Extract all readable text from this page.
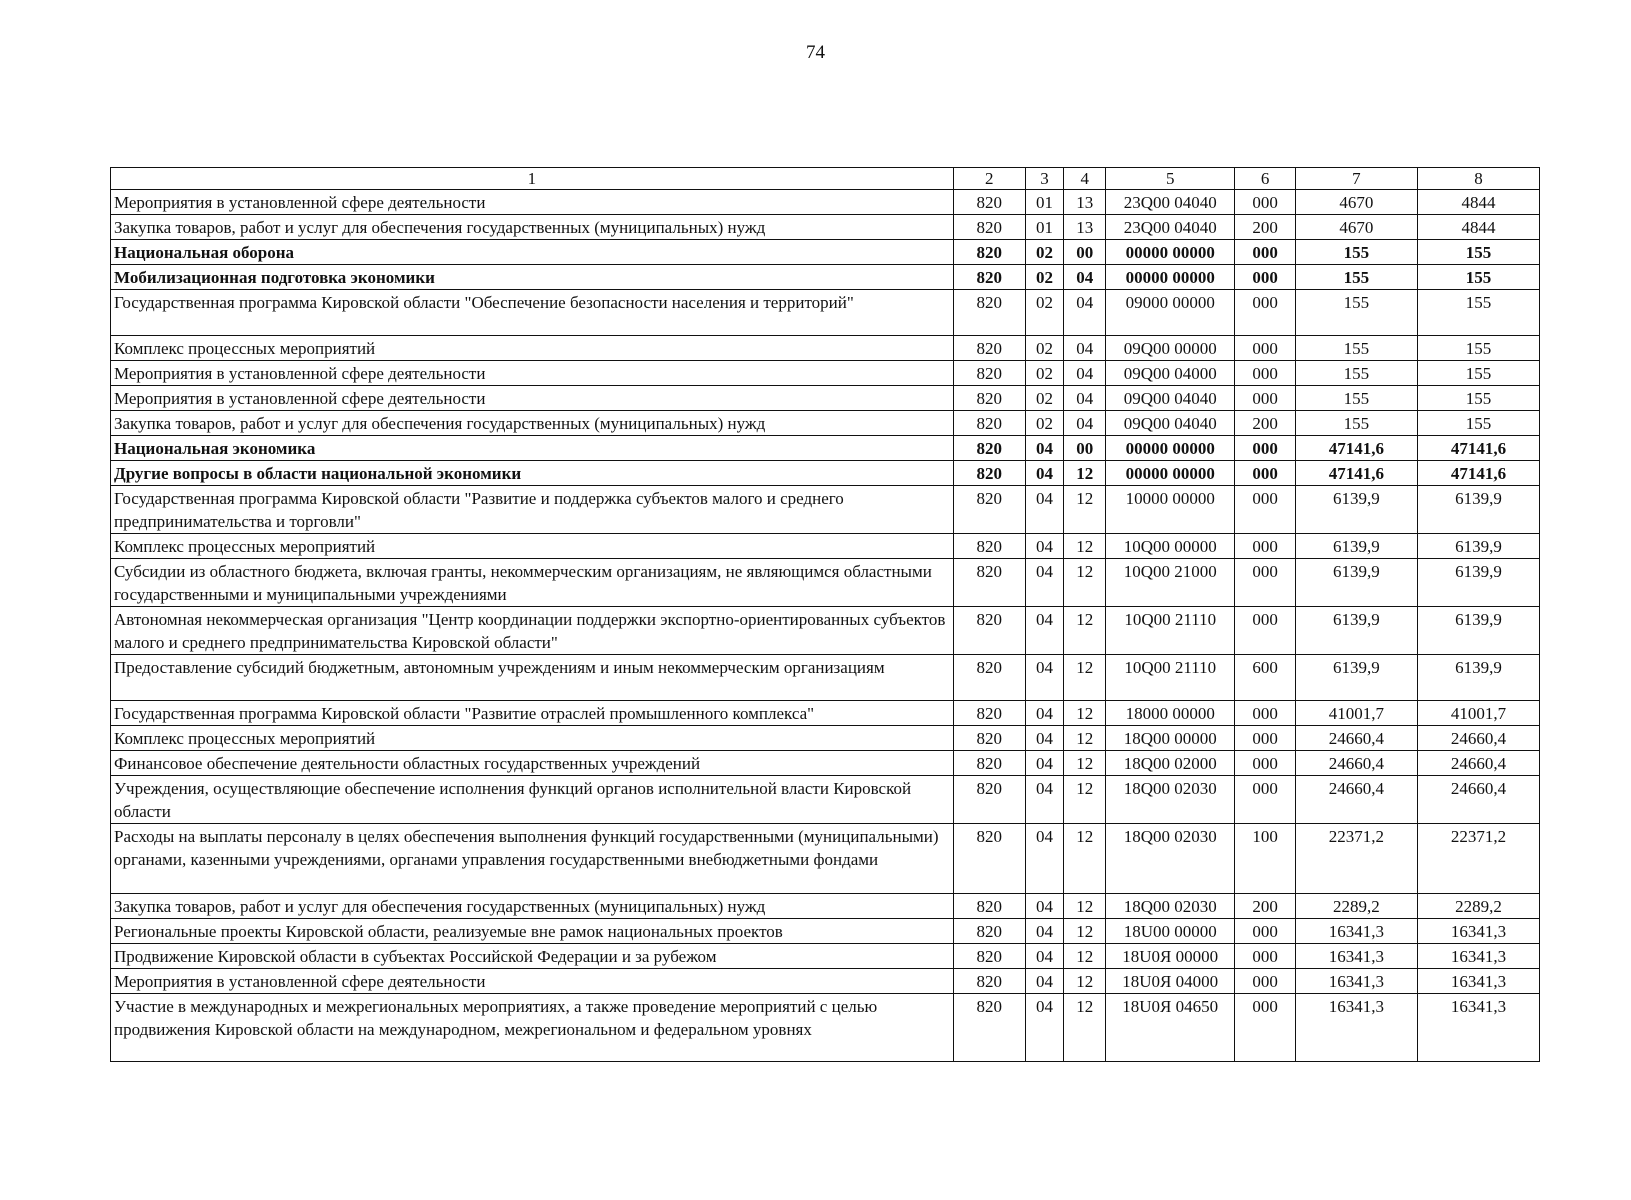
74
1	2	3	4	5	6	7	8
Мероприятия в установленной сфере деятельности	820	01	13	23Q00 04040	000	4670	4844
Закупка товаров, работ и услуг для обеспечения государственных (муниципальных) нужд	820	01	13	23Q00 04040	200	4670	4844
Национальная оборона	820	02	00	00000 00000	000	155	155
Мобилизационная подготовка экономики	820	02	04	00000 00000	000	155	155
Государственная программа Кировской области "Обеспечение безопасности населения и территорий"	820	02	04	09000 00000	000	155	155
Комплекс процессных мероприятий	820	02	04	09Q00 00000	000	155	155
Мероприятия в установленной сфере деятельности	820	02	04	09Q00 04000	000	155	155
Мероприятия в установленной сфере деятельности	820	02	04	09Q00 04040	000	155	155
Закупка товаров, работ и услуг для обеспечения государственных (муниципальных) нужд	820	02	04	09Q00 04040	200	155	155
Национальная экономика	820	04	00	00000 00000	000	47141,6	47141,6
Другие вопросы в области национальной экономики	820	04	12	00000 00000	000	47141,6	47141,6
Государственная программа Кировской области "Развитие и поддержка субъектов малого и среднего предпринимательства и торговли"	820	04	12	10000 00000	000	6139,9	6139,9
Комплекс процессных мероприятий	820	04	12	10Q00 00000	000	6139,9	6139,9
Субсидии из областного бюджета, включая гранты, некоммерческим организациям, не являющимся областными государственными и муниципальными учреждениями	820	04	12	10Q00 21000	000	6139,9	6139,9
Автономная некоммерческая организация "Центр координации поддержки экспортно-ориентированных субъектов малого и среднего предпринимательства Кировской области"	820	04	12	10Q00 21110	000	6139,9	6139,9
Предоставление субсидий бюджетным, автономным учреждениям и иным некоммерческим организациям	820	04	12	10Q00 21110	600	6139,9	6139,9
Государственная программа Кировской области "Развитие отраслей промышленного комплекса"	820	04	12	18000 00000	000	41001,7	41001,7
Комплекс процессных мероприятий	820	04	12	18Q00 00000	000	24660,4	24660,4
Финансовое обеспечение деятельности областных государственных учреждений	820	04	12	18Q00 02000	000	24660,4	24660,4
Учреждения, осуществляющие обеспечение исполнения функций органов исполнительной власти Кировской области	820	04	12	18Q00 02030	000	24660,4	24660,4
Расходы на выплаты персоналу в целях обеспечения выполнения функций государственными (муниципальными) органами, казенными учреждениями, органами управления государственными внебюджетными фондами	820	04	12	18Q00 02030	100	22371,2	22371,2
Закупка товаров, работ и услуг для обеспечения государственных (муниципальных) нужд	820	04	12	18Q00 02030	200	2289,2	2289,2
Региональные проекты Кировской области, реализуемые вне рамок национальных проектов	820	04	12	18U00 00000	000	16341,3	16341,3
Продвижение Кировской области в субъектах Российской Федерации и за рубежом	820	04	12	18U0Я 00000	000	16341,3	16341,3
Мероприятия в установленной сфере деятельности	820	04	12	18U0Я 04000	000	16341,3	16341,3
Участие в международных и межрегиональных мероприятиях, а также проведение мероприятий с целью продвижения Кировской области на международном, межрегиональном и федеральном уровнях	820	04	12	18U0Я 04650	000	16341,3	16341,3
